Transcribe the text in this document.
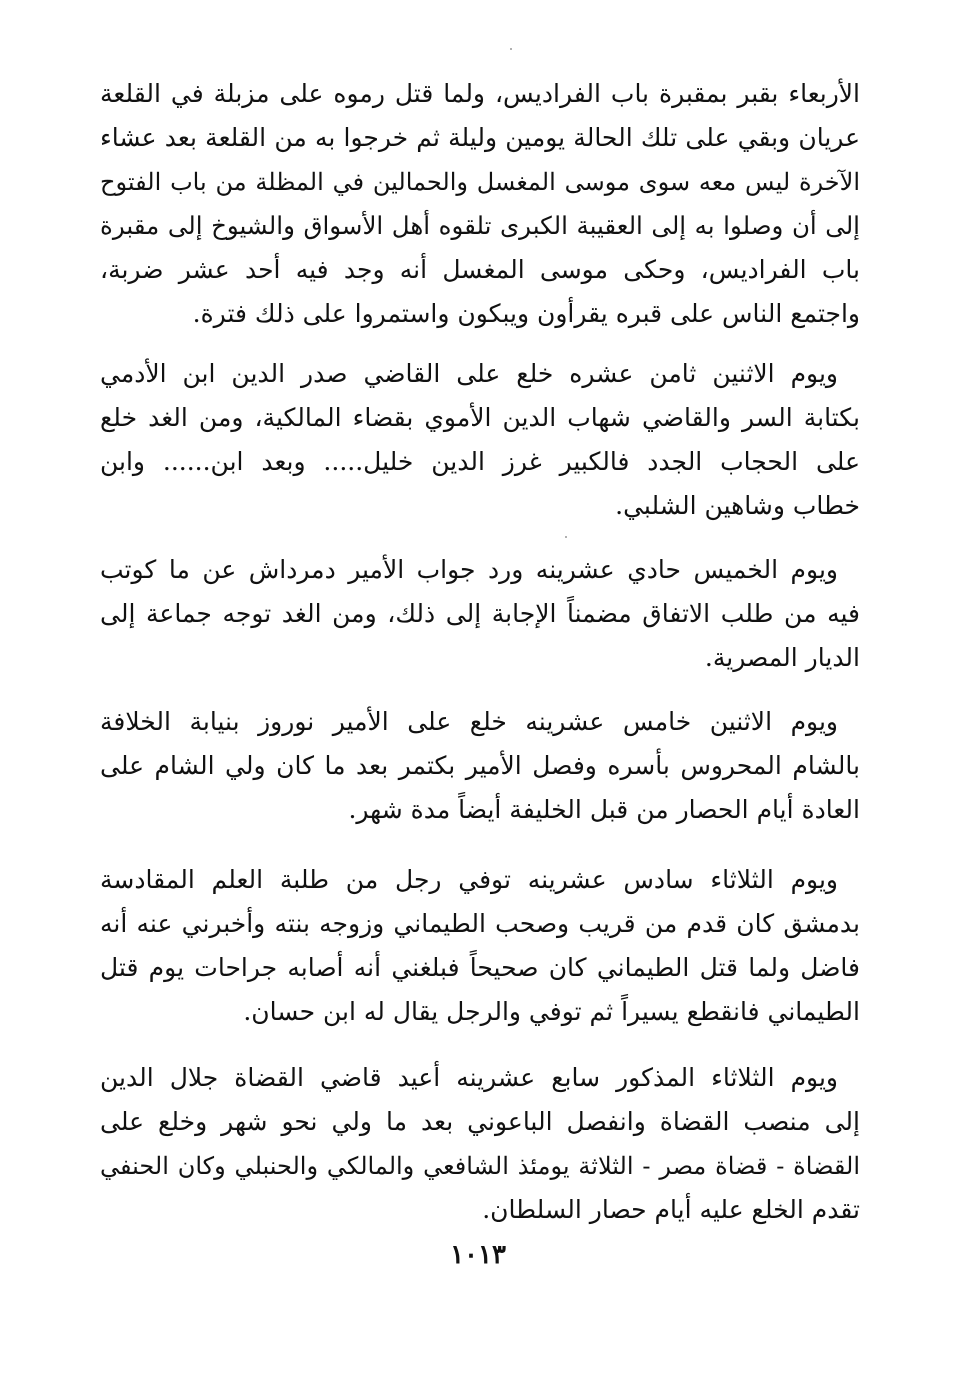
الأربعاء بقبر بمقبرة باب الفراديس، ولما قتل رموه على مزبلة في القلعة
عريان وبقي على تلك الحالة يومين وليلة ثم خرجوا به من القلعة بعد عشاء
الآخرة ليس معه سوى موسى المغسل والحمالين في المظلة من باب الفتوح
إلى أن وصلوا به إلى العقيبة الكبرى تلقوه أهل الأسواق والشيوخ إلى مقبرة
باب الفراديس، وحكى موسى المغسل أنه وجد فيه أحد عشر ضربة،
واجتمع الناس على قبره يقرأون ويبكون واستمروا على ذلك فترة.
ويوم الاثنين ثامن عشره خلع على القاضي صدر الدين ابن الأدمي
بكتابة السر والقاضي شهاب الدين الأموي بقضاء المالكية، ومن الغد خلع
على الحجاب الجدد فالكبير غرز الدين خليل..... وبعد ابن...... وابن
خطاب وشاهين الشلبي.
ويوم الخميس حادي عشرينه ورد جواب الأمير دمرداش عن ما كوتب
فيه من طلب الاتفاق مضمناً الإجابة إلى ذلك، ومن الغد توجه جماعة إلى
الديار المصرية.
ويوم الاثنين خامس عشرينه خلع على الأمير نوروز بنيابة الخلافة
بالشام المحروس بأسره وفصل الأمير بكتمر بعد ما كان ولي الشام على
العادة أيام الحصار من قبل الخليفة أيضاً مدة شهر.
ويوم الثلاثاء سادس عشرينه توفي رجل من طلبة العلم المقادسة
بدمشق كان قدم من قريب وصحب الطيماني وزوجه بنته وأخبرني عنه أنه
فاضل ولما قتل الطيماني كان صحيحاً فبلغني أنه أصابه جراحات يوم قتل
الطيماني فانقطع يسيراً ثم توفي والرجل يقال له ابن حسان.
ويوم الثلاثاء المذكور سابع عشرينه أعيد قاضي القضاة جلال الدين
إلى منصب القضاة وانفصل الباعوني بعد ما ولي نحو شهر وخلع على
القضاة - قضاة مصر - الثلاثة يومئذ الشافعي والمالكي والحنبلي وكان الحنفي
تقدم الخلع عليه أيام حصار السلطان.
١٠١٣
